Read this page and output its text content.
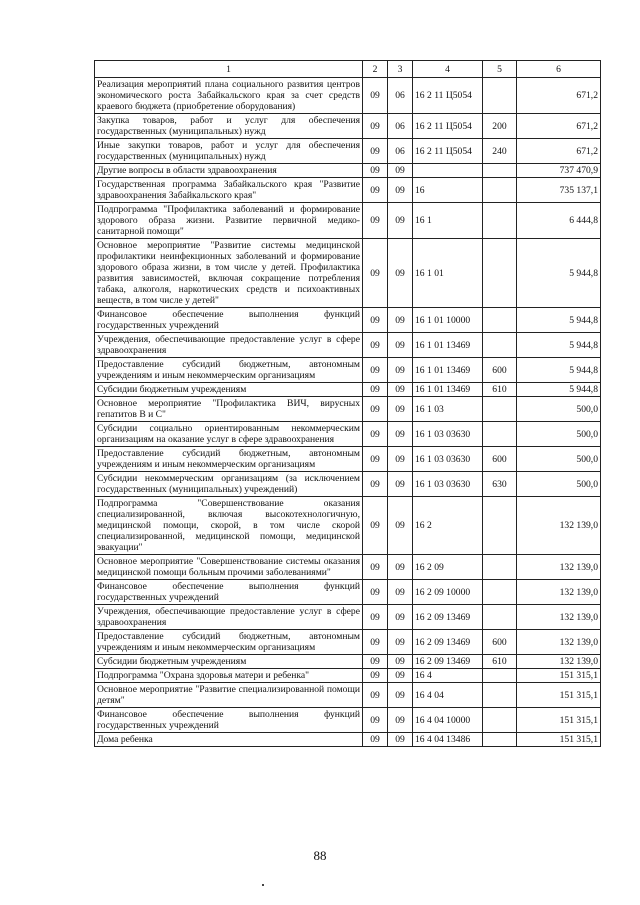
1	2	3	4	5	6
Реализация мероприятий плана социального развития центров экономического роста Забайкальского края за счет средств краевого бюджета (приобретение оборудования)	09	06	16 2 11 Ц5054		671,2
Закупка товаров, работ и услуг для обеспечения государственных (муниципальных) нужд	09	06	16 2 11 Ц5054	200	671,2
Иные закупки товаров, работ и услуг для обеспечения государственных (муниципальных) нужд	09	06	16 2 11 Ц5054	240	671,2
Другие вопросы в области здравоохранения	09	09			737 470,9
Государственная программа Забайкальского края "Развитие здравоохранения Забайкальского края"	09	09	16		735 137,1
Подпрограмма "Профилактика заболеваний и формирование здорового образа жизни. Развитие первичной медико-санитарной помощи"	09	09	16 1		6 444,8
Основное мероприятие "Развитие системы медицинской профилактики неинфекционных заболеваний и формирование здорового образа жизни, в том числе у детей. Профилактика развития зависимостей, включая сокращение потребления табака, алкоголя, наркотических средств и психоактивных веществ, в том числе у детей"	09	09	16 1 01		5 944,8
Финансовое обеспечение выполнения функций государственных учреждений	09	09	16 1 01 10000		5 944,8
Учреждения, обеспечивающие предоставление услуг в сфере здравоохранения	09	09	16 1 01 13469		5 944,8
Предоставление субсидий бюджетным, автономным учреждениям и иным некоммерческим организациям	09	09	16 1 01 13469	600	5 944,8
Субсидии бюджетным учреждениям	09	09	16 1 01 13469	610	5 944,8
Основное мероприятие "Профилактика ВИЧ, вирусных гепатитов В и С"	09	09	16 1 03		500,0
Субсидии социально ориентированным некоммерческим организациям на оказание услуг в сфере здравоохранения	09	09	16 1 03 03630		500,0
Предоставление субсидий бюджетным, автономным учреждениям и иным некоммерческим организациям	09	09	16 1 03 03630	600	500,0
Субсидии некоммерческим организациям (за исключением государственных (муниципальных) учреждений)	09	09	16 1 03 03630	630	500,0
Подпрограмма "Совершенствование оказания специализированной, включая высокотехнологичную, медицинской помощи, скорой, в том числе скорой специализированной, медицинской помощи, медицинской эвакуации"	09	09	16 2		132 139,0
Основное мероприятие "Совершенствование системы оказания медицинской помощи больным прочими заболеваниями"	09	09	16 2 09		132 139,0
Финансовое обеспечение выполнения функций государственных учреждений	09	09	16 2 09 10000		132 139,0
Учреждения, обеспечивающие предоставление услуг в сфере здравоохранения	09	09	16 2 09 13469		132 139,0
Предоставление субсидий бюджетным, автономным учреждениям и иным некоммерческим организациям	09	09	16 2 09 13469	600	132 139,0
Субсидии бюджетным учреждениям	09	09	16 2 09 13469	610	132 139,0
Подпрограмма "Охрана здоровья матери и ребенка"	09	09	16 4		151 315,1
Основное мероприятие "Развитие специализированной помощи детям"	09	09	16 4 04		151 315,1
Финансовое обеспечение выполнения функций государственных учреждений	09	09	16 4 04 10000		151 315,1
Дома ребенка	09	09	16 4 04 13486		151 315,1
88
